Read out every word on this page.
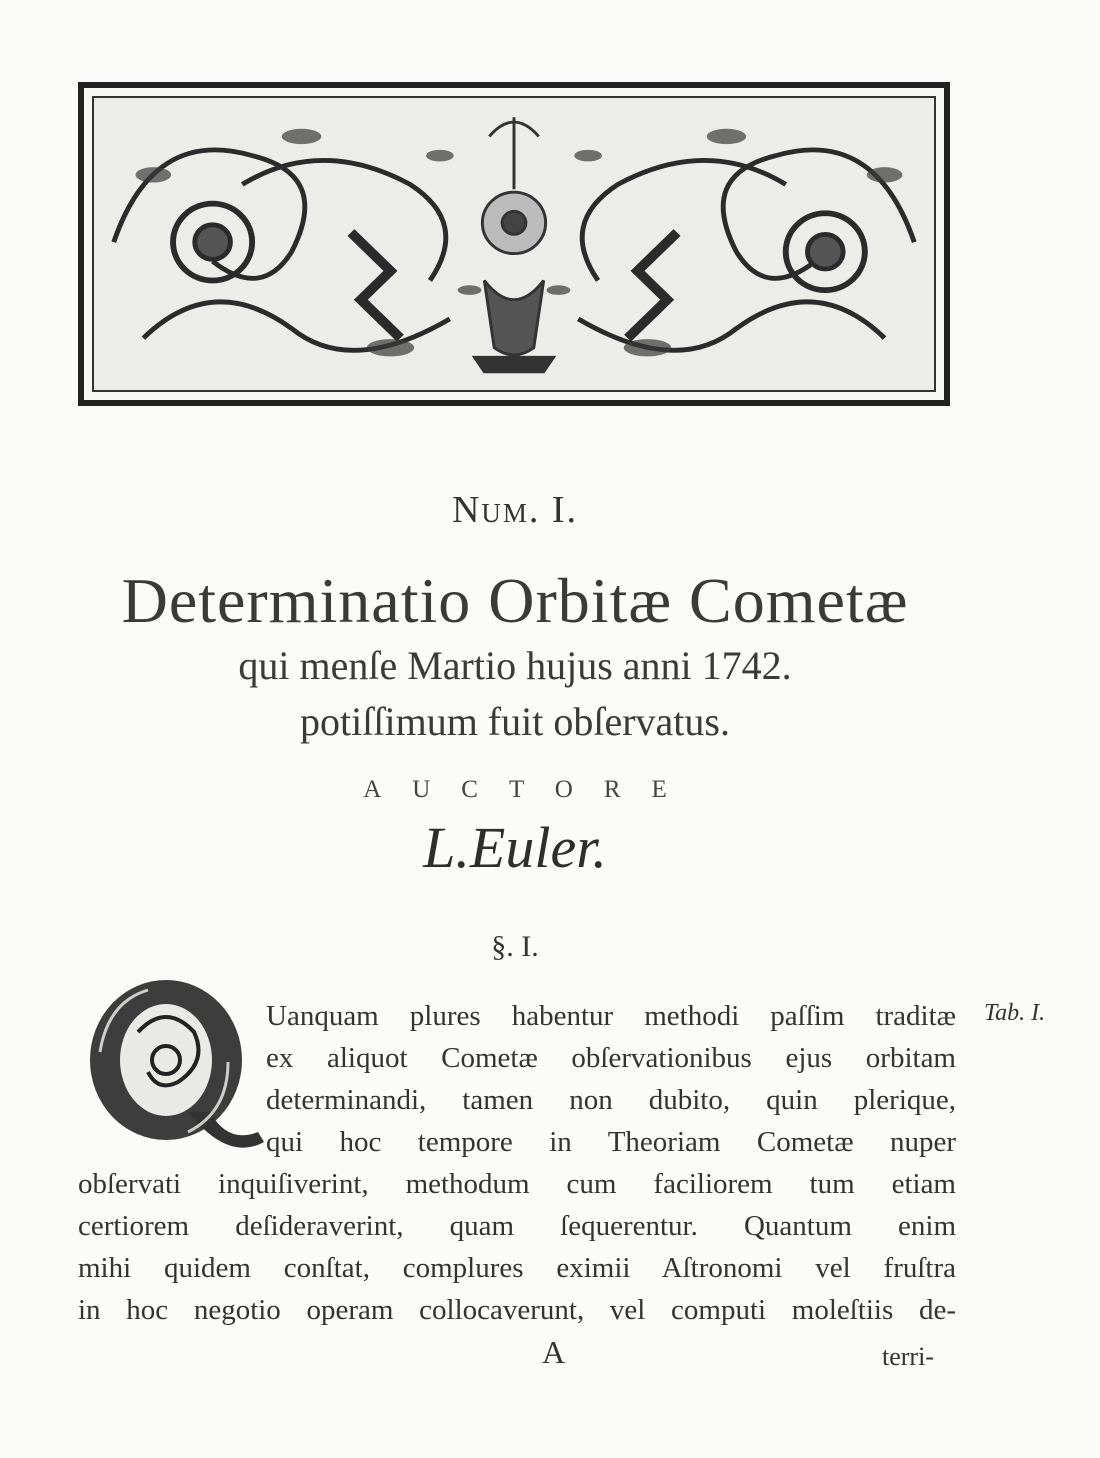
Num. I.
Determinatio Orbitæ Cometæ
qui menſe Martio hujus anni 1742.
potiſſimum fuit obſervatus.
AUCTORE
L.Euler.
§. I.
Tab. I.
Uanquam plures habentur methodi paſſim traditæ
ex aliquot Cometæ obſervationibus ejus orbitam
determinandi, tamen non dubito, quin plerique,
qui hoc tempore in Theoriam Cometæ nuper
obſervati inquiſiverint, methodum cum faciliorem tum etiam
certiorem deſideraverint, quam ſequerentur. Quantum enim
mihi quidem conſtat, complures eximii Aſtronomi vel fruſtra
in hoc negotio operam collocaverunt, vel computi moleſtiis de-
A	terri-
